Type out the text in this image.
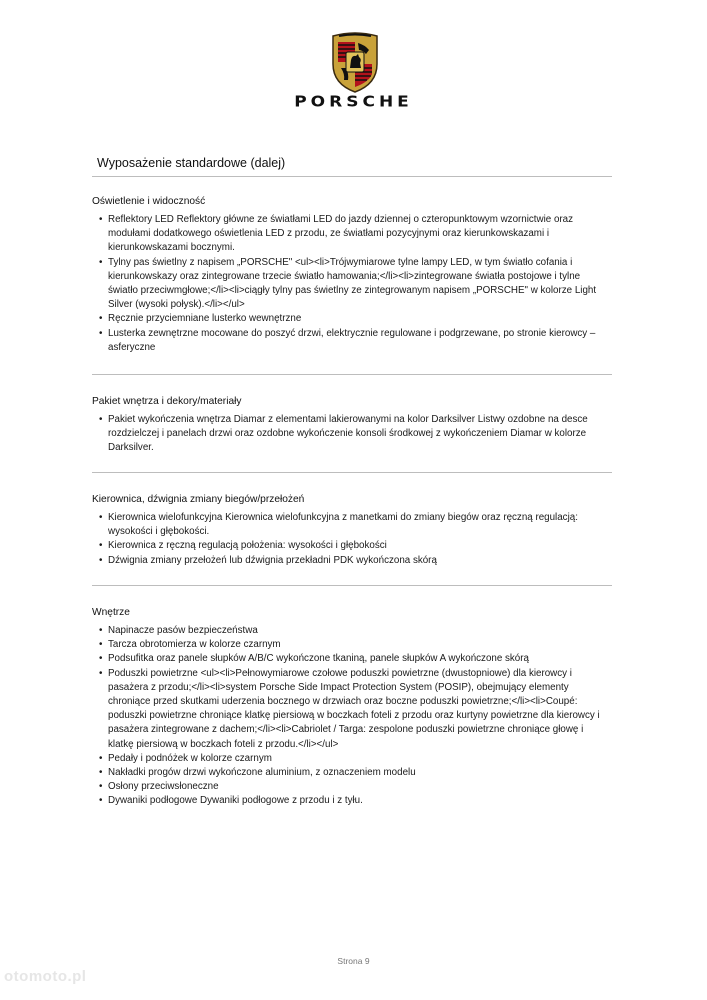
PORSCHE
Wyposażenie standardowe (dalej)
Oświetlenie i widoczność
• Reflektory LED Reflektory główne ze światłami LED do jazdy dziennej o czteropunktowym wzornictwie oraz modułami dodatkowego oświetlenia LED z przodu, ze światłami pozycyjnymi oraz kierunkowskazami i kierunkowskazami bocznymi.
• Tylny pas świetlny z napisem „PORSCHE" <ul><li>Trójwymiarowe tylne lampy LED, w tym światło cofania i kierunkowskazy oraz zintegrowane trzecie światło hamowania;</li><li>zintegrowane światła postojowe i tylne światło przeciwmgłowe;</li><li>ciągły tylny pas świetlny ze zintegrowanym napisem „PORSCHE" w kolorze Light Silver (wysoki połysk).</li></ul>
• Ręcznie przyciemniane lusterko wewnętrzne
• Lusterka zewnętrzne mocowane do poszyć drzwi, elektrycznie regulowane i podgrzewane, po stronie kierowcy – asferyczne
Pakiet wnętrza i dekory/materiały
• Pakiet wykończenia wnętrza Diamar z elementami lakierowanymi na kolor Darksilver Listwy ozdobne na desce rozdzielczej i panelach drzwi oraz ozdobne wykończenie konsoli środkowej z wykończeniem Diamar w kolorze Darksilver.
Kierownica, dźwignia zmiany biegów/przełożeń
• Kierownica wielofunkcyjna Kierownica wielofunkcyjna z manetkami do zmiany biegów oraz ręczną regulacją: wysokości i głębokości.
• Kierownica z ręczną regulacją położenia: wysokości i głębokości
• Dźwignia zmiany przełożeń lub dźwignia przekładni PDK wykończona skórą
Wnętrze
• Napinacze pasów bezpieczeństwa
• Tarcza obrotomierza w kolorze czarnym
• Podsufitka oraz panele słupków A/B/C wykończone tkaniną, panele słupków A wykończone skórą
• Poduszki powietrzne <ul><li>Pełnowymiarowe czołowe poduszki powietrzne (dwustopniowe) dla kierowcy i pasażera z przodu;</li><li>system Porsche Side Impact Protection System (POSIP), obejmujący elementy chroniące przed skutkami uderzenia bocznego w drzwiach oraz boczne poduszki powietrzne;</li><li>Coupé: poduszki powietrzne chroniące klatkę piersiową w boczkach foteli z przodu oraz kurtyny powietrzne dla kierowcy i pasażera zintegrowane z dachem;</li><li>Cabriolet / Targa: zespolone poduszki powietrzne chroniące głowę i klatkę piersiową w boczkach foteli z przodu.</li></ul>
• Pedały i podnóżek w kolorze czarnym
• Nakładki progów drzwi wykończone aluminium, z oznaczeniem modelu
• Osłony przeciwsłoneczne
• Dywaniki podłogowe Dywaniki podłogowe z przodu i z tyłu.
Strona 9
otomoto.pl
